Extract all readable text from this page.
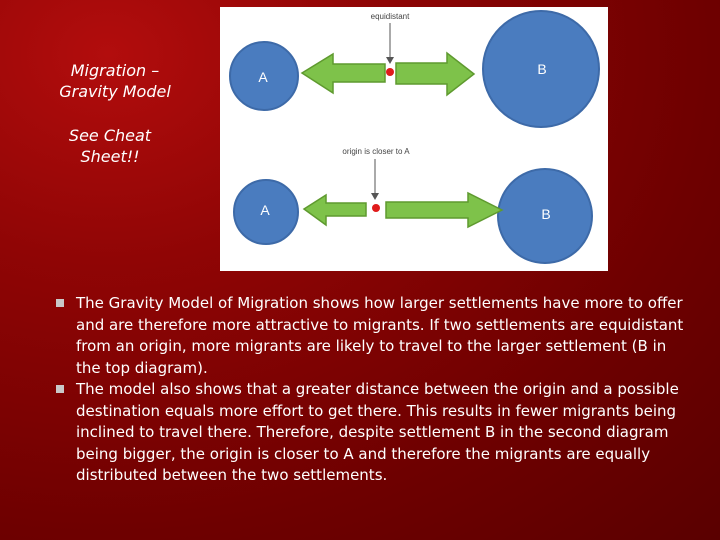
Migration –
Gravity Model
See Cheat
Sheet!!
A	B
equidistant
origin is closer to A
A	B
The Gravity Model of Migration shows how larger settlements have more to offer and are therefore more attractive to migrants. If two settlements are equidistant from an origin, more migrants are likely to travel to the larger settlement (B in the top diagram).
The model also shows that a greater distance between the origin and a possible destination equals more effort to get there. This results in fewer migrants being inclined to travel there. Therefore, despite settlement B in the second diagram being bigger, the origin is closer to A and therefore the migrants are equally distributed between the two settlements.
